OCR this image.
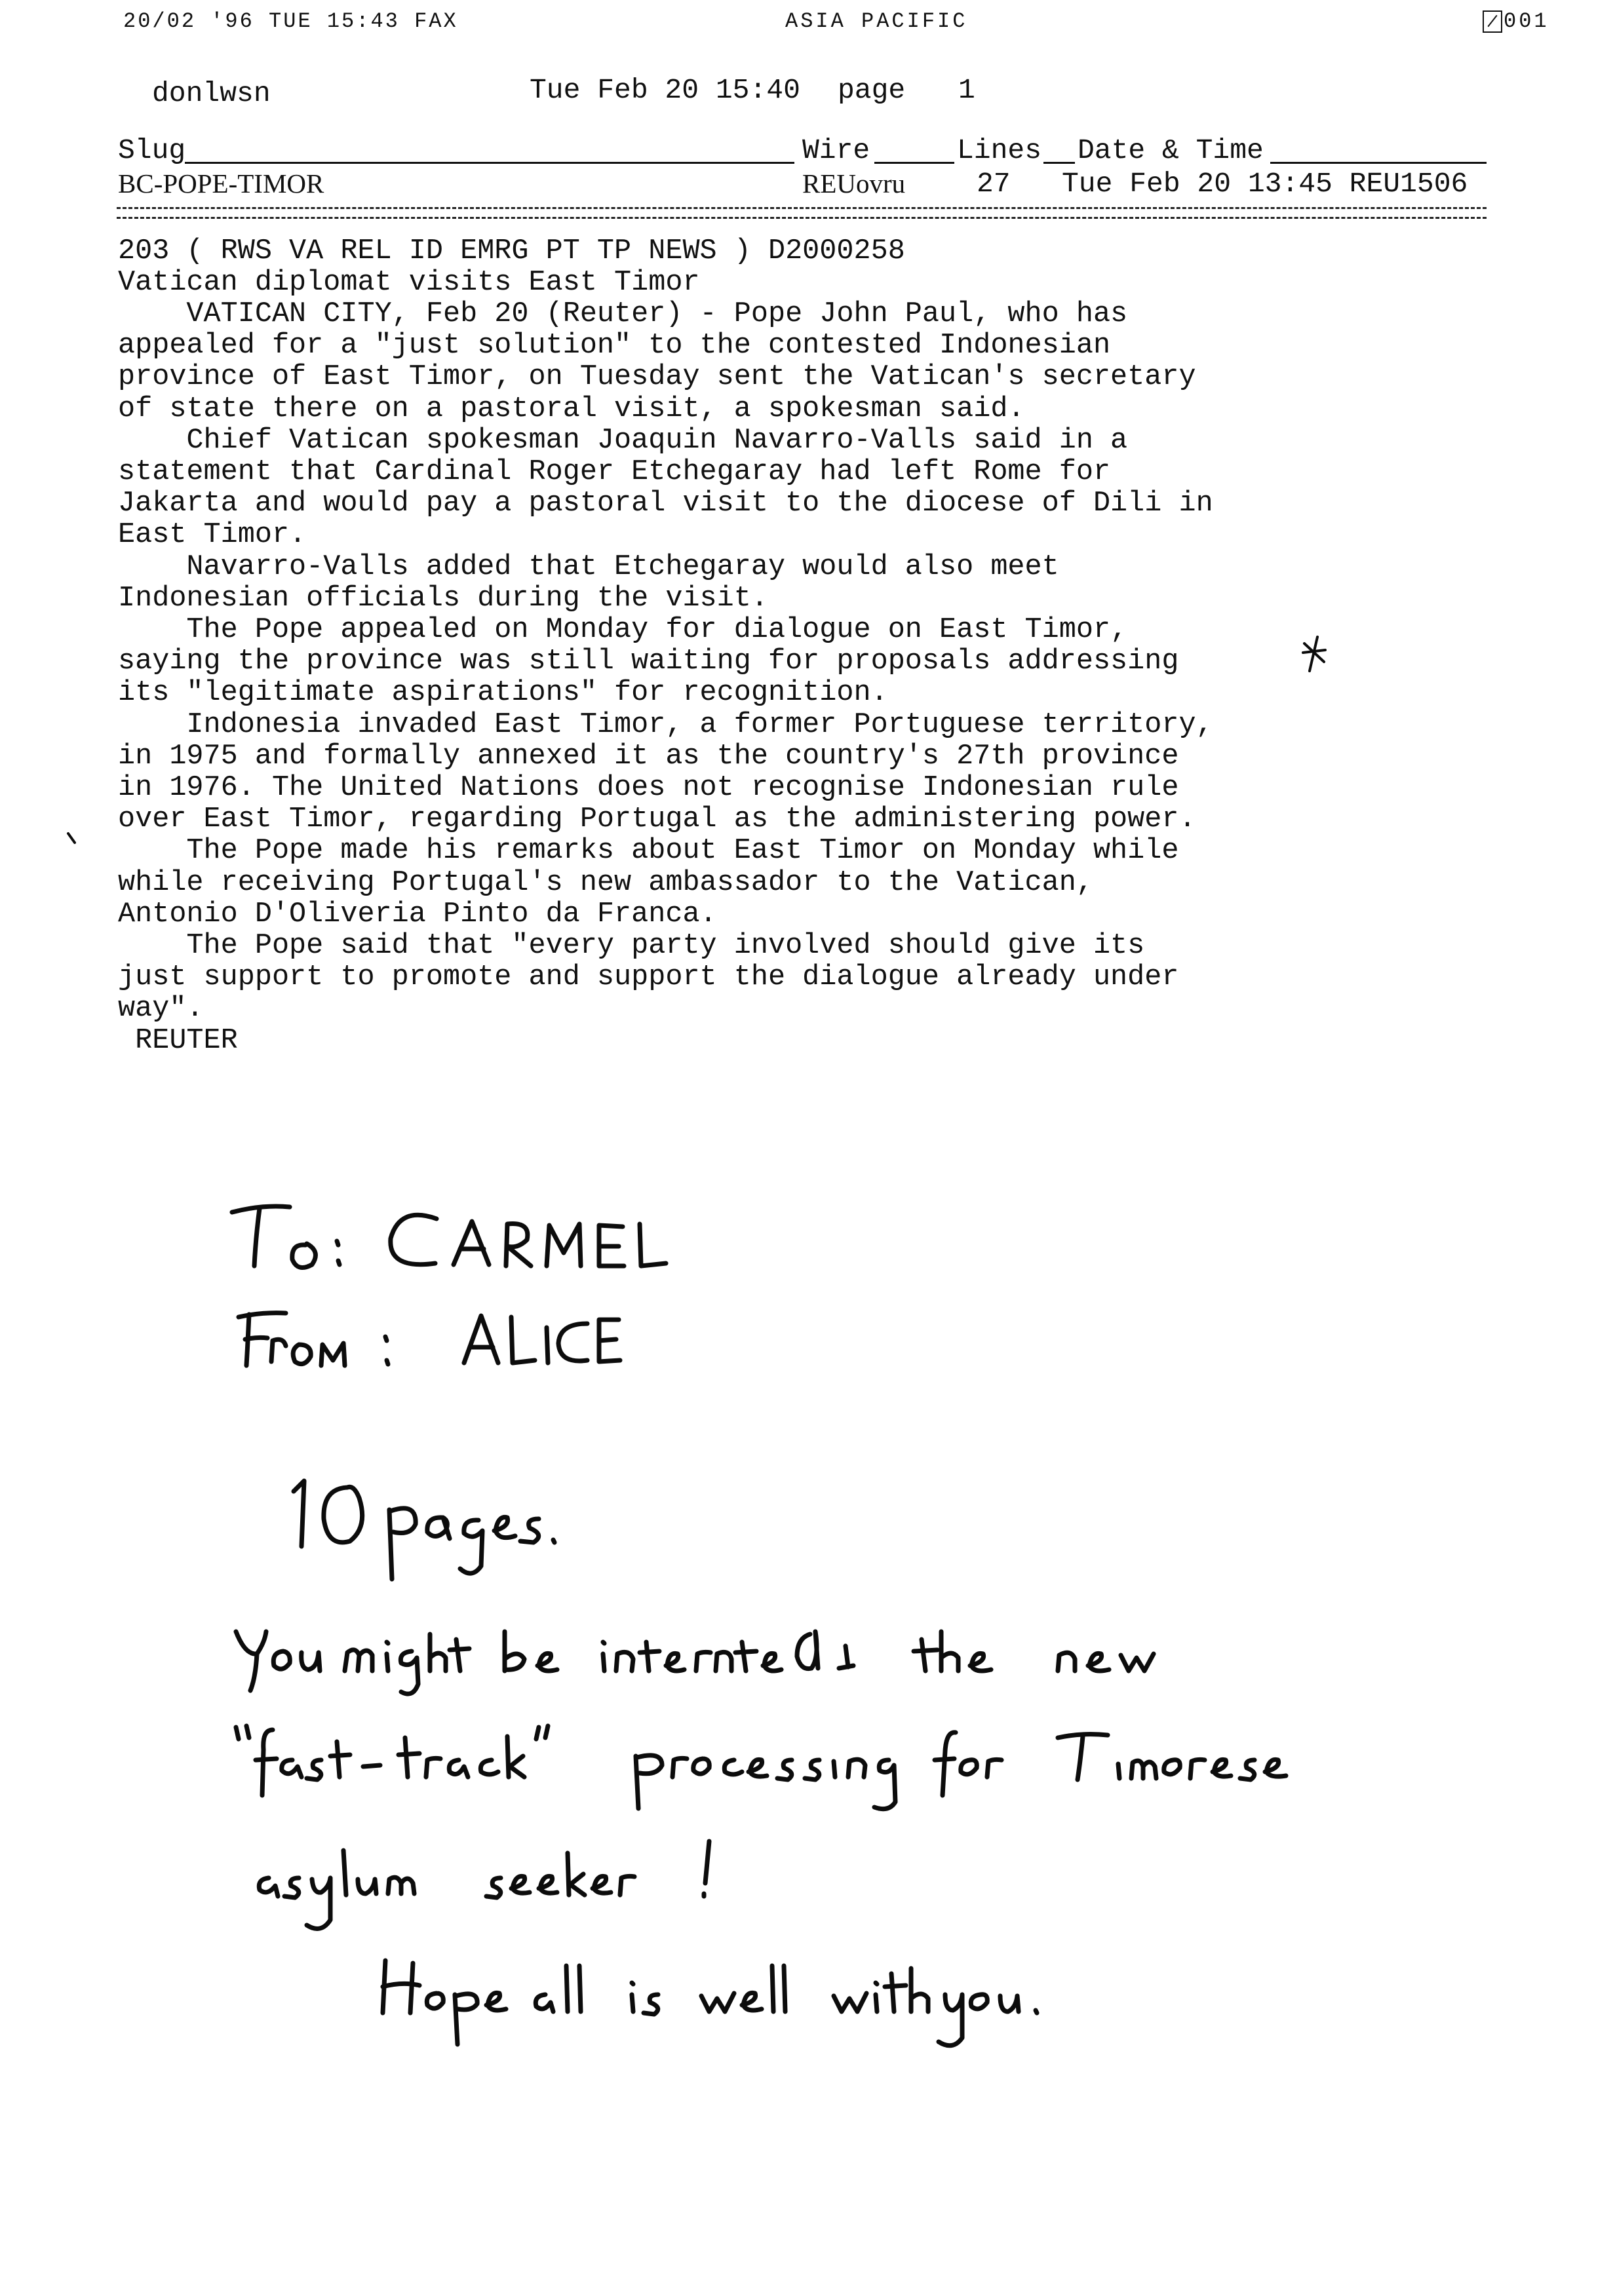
20/02 '96 TUE 15:43 FAX	ASIA PACIFIC	001
donlwsn	Tue Feb 20 15:40 page 1
Slug	Wire	Lines Date & Time
BC-POPE-TIMOR	REUovru	27 Tue Feb 20 13:45 REU1506
203 ( RWS VA REL ID EMRG PT TP NEWS ) D2000258
Vatican diplomat visits East Timor
VATICAN CITY, Feb 20 (Reuter) - Pope John Paul, who has
appealed for a "just solution" to the contested Indonesian
province of East Timor, on Tuesday sent the Vatican's secretary
of state there on a pastoral visit, a spokesman said.
Chief Vatican spokesman Joaquin Navarro-Valls said in a
statement that Cardinal Roger Etchegaray had left Rome for
Jakarta and would pay a pastoral visit to the diocese of Dili in
East Timor.
Navarro-Valls added that Etchegaray would also meet
Indonesian officials during the visit.
The Pope appealed on Monday for dialogue on East Timor,
saying the province was still waiting for proposals addressing
its "legitimate aspirations" for recognition.
Indonesia invaded East Timor, a former Portuguese territory,
in 1975 and formally annexed it as the country's 27th province
in 1976. The United Nations does not recognise Indonesian rule
over East Timor, regarding Portugal as the administering power.
The Pope made his remarks about East Timor on Monday while
while receiving Portugal's new ambassador to the Vatican,
Antonio D'Oliveria Pinto da Franca.
The Pope said that "every party involved should give its
just support to promote and support the dialogue already under
way".
REUTER
